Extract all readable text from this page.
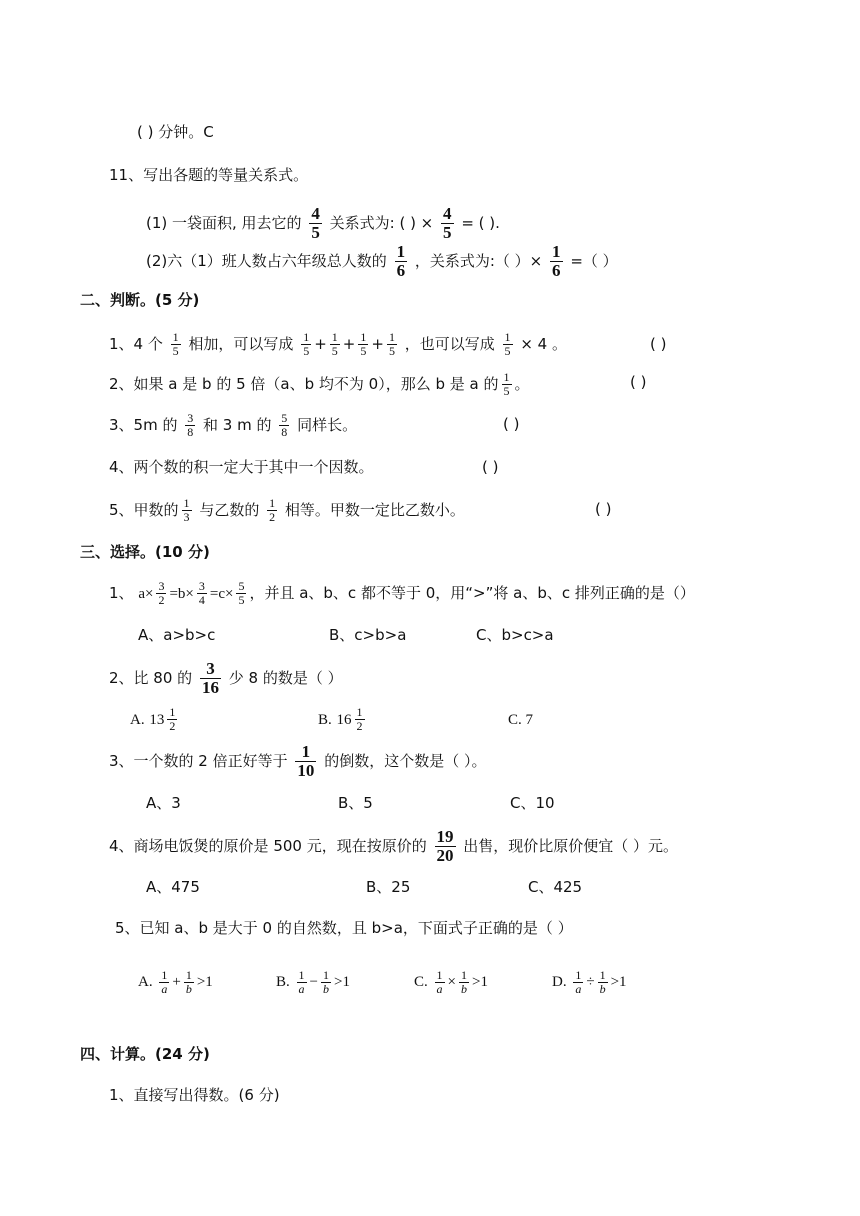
( ) 分钟。C
11、写出各题的等量关系式。
(1) 一袋面积, 用去它的 $\frac{4}{5}$ 关系式为: ( ) × $\frac{4}{5}$ = ( ).
(2)六（1）班人数占六年级总人数的 $\frac{1}{6}$ ，关系式为:（ ）× $\frac{1}{6}$ =（ ）
二、判断。(5 分)
1、4 个 $\frac{1}{5}$ 相加，可以写成 $\frac{1}{5} + \frac{1}{5} + \frac{1}{5} + \frac{1}{5}$ ，也可以写成 $\frac{1}{5} \times 4$ 。	( )
2、如果 a 是 b 的 5 倍（a、b 均不为 0），那么 b 是 a 的 $\frac{1}{5}$ 。	( )
3、5m 的 $\frac{3}{8}$ 和 3 m 的 $\frac{5}{8}$ 同样长。	( )
4、两个数的积一定大于其中一个因数。	( )
5、甲数的 $\frac{1}{3}$ 与乙数的 $\frac{1}{2}$ 相等。甲数一定比乙数小。	( )
三、选择。(10 分)
1、 $a\times \frac{3}{2} =b\times \frac{3}{4} =c\times \frac{5}{5}$ ，并且 a、b、c 都不等于 0，用“>”将 a、b、c 排列正确的是（）
A、a>b>c	B、c>b>a	C、b>c>a
2、比 80 的 $\frac{3}{16}$ 少 8 的数是（ ）
A. $13 \frac{1}{2}$	B. $16 \frac{1}{2}$	C. 7
3、一个数的 2 倍正好等于 $\frac{1}{10}$ 的倒数，这个数是（ ）。
A、3	B、5	C、10
4、商场电饭煲的原价是 500 元，现在按原价的 $\frac{19}{20}$ 出售，现价比原价便宜（ ）元。
A、475	B、25	C、425
5、已知 a、b 是大于 0 的自然数，且 b>a，下面式子正确的是（ ）
A. $\frac{1}{a} + \frac{1}{b} >1$	B. $\frac{1}{a} - \frac{1}{b} >1$	C. $\frac{1}{a} \times \frac{1}{b} >1$	D. $\frac{1}{a} \div \frac{1}{b} >1$
四、计算。(24 分)
1、直接写出得数。(6 分)
